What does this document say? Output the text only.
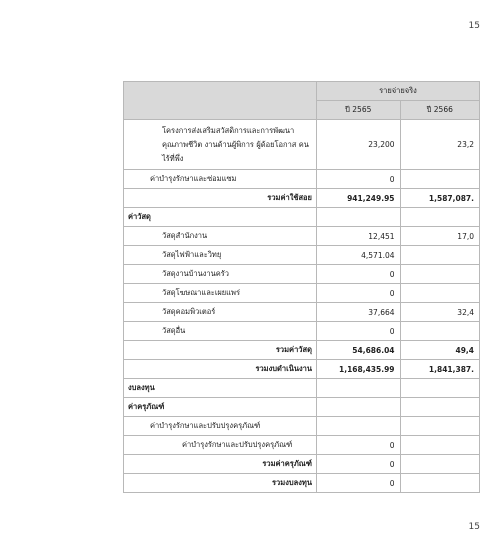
15
	รายจ่ายจริง	
	ปี 2565	ปี 2566
โครงการส่งเสริมสวัสดิการและการพัฒนาคุณภาพชีวิต งานด้านผู้พิการ ผู้ด้อยโอกาส คนไร้ที่พึ่ง	23,200	23,2
ค่าบำรุงรักษาและซ่อมแซม	0	
รวมค่าใช้สอย	941,249.95	1,587,087.
ค่าวัสดุ		
วัสดุสำนักงาน	12,451	17,0
วัสดุไฟฟ้าและวิทยุ	4,571.04	
วัสดุงานบ้านงานครัว	0	
วัสดุโฆษณาและเผยแพร่	0	
วัสดุคอมพิวเตอร์	37,664	32,4
วัสดุอื่น	0	
รวมค่าวัสดุ	54,686.04	49,4
รวมงบดำเนินงาน	1,168,435.99	1,841,387.
งบลงทุน		
ค่าครุภัณฑ์		
ค่าบำรุงรักษาและปรับปรุงครุภัณฑ์		
ค่าบำรุงรักษาและปรับปรุงครุภัณฑ์	0	
รวมค่าครุภัณฑ์	0	
รวมงบลงทุน	0	
15
